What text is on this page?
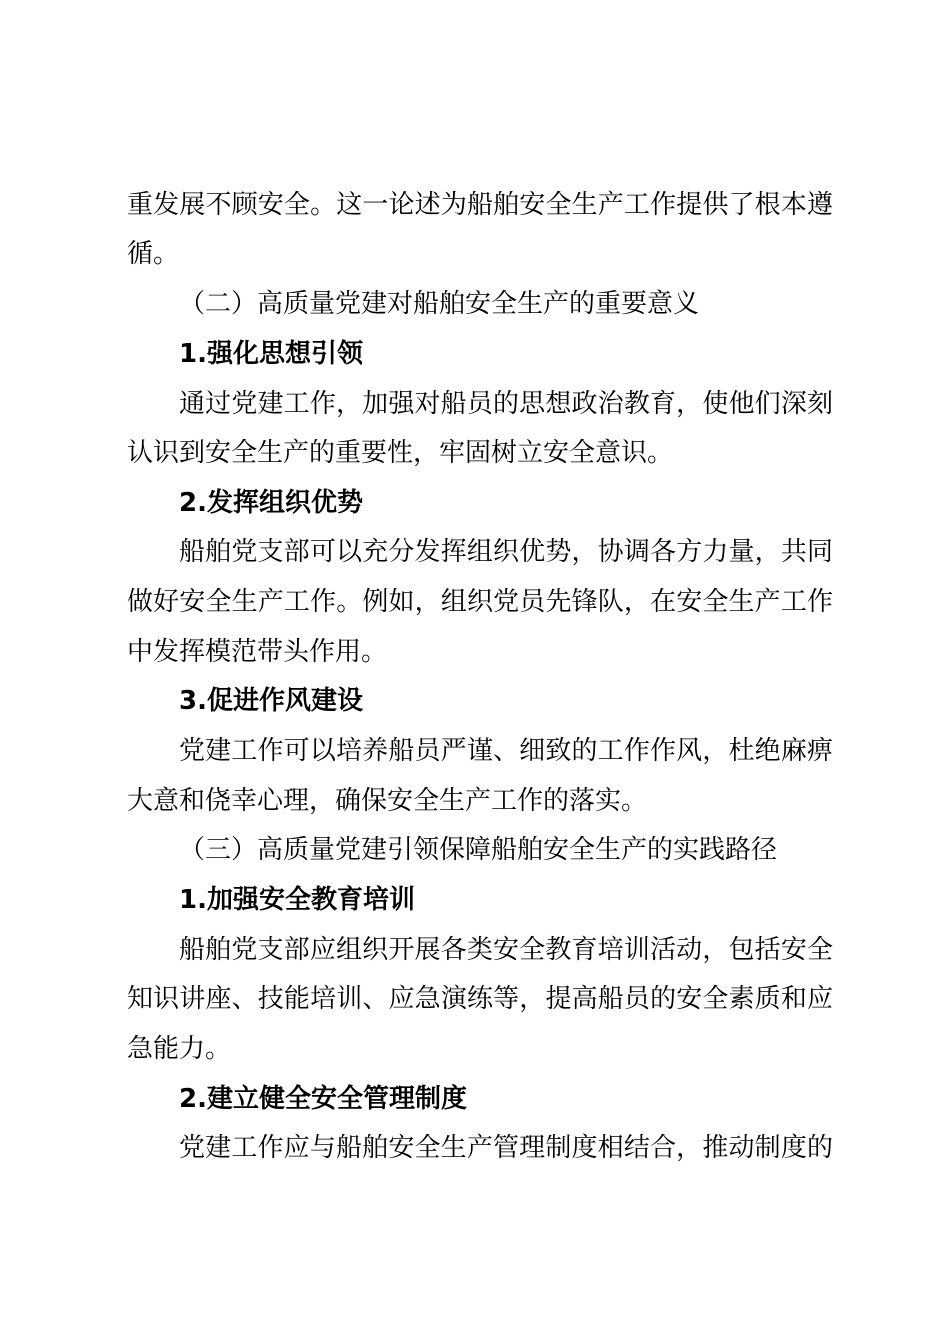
重发展不顾安全。这一论述为船舶安全生产工作提供了根本遵
循。
（二）高质量党建对船舶安全生产的重要意义
1.强化思想引领
通过党建工作，加强对船员的思想政治教育，使他们深刻
认识到安全生产的重要性，牢固树立安全意识。
2.发挥组织优势
船舶党支部可以充分发挥组织优势，协调各方力量，共同
做好安全生产工作。例如，组织党员先锋队，在安全生产工作
中发挥模范带头作用。
3.促进作风建设
党建工作可以培养船员严谨、细致的工作作风，杜绝麻痹
大意和侥幸心理，确保安全生产工作的落实。
（三）高质量党建引领保障船舶安全生产的实践路径
1.加强安全教育培训
船舶党支部应组织开展各类安全教育培训活动，包括安全
知识讲座、技能培训、应急演练等，提高船员的安全素质和应
急能力。
2.建立健全安全管理制度
党建工作应与船舶安全生产管理制度相结合，推动制度的
